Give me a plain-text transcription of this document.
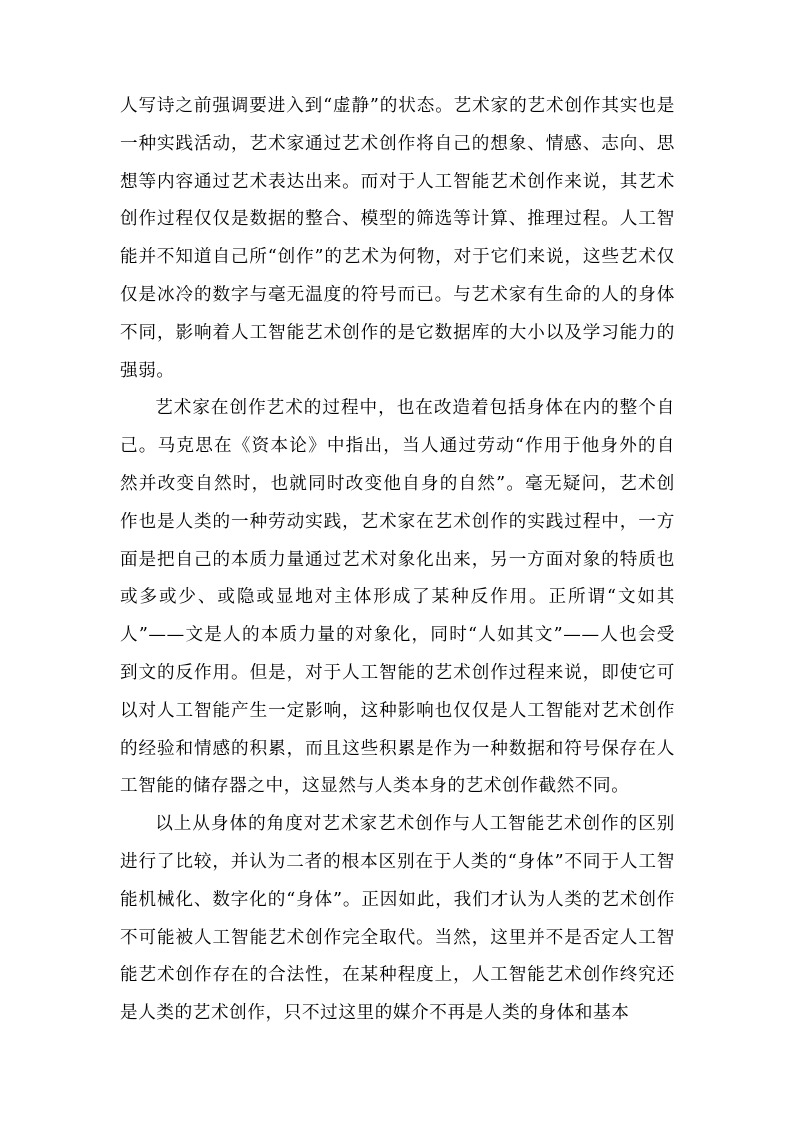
人写诗之前强调要进入到“虚静”的状态。艺术家的艺术创作其实也是一种实践活动，艺术家通过艺术创作将自己的想象、情感、志向、思想等内容通过艺术表达出来。而对于人工智能艺术创作来说，其艺术创作过程仅仅是数据的整合、模型的筛选等计算、推理过程。人工智能并不知道自己所“创作”的艺术为何物，对于它们来说，这些艺术仅仅是冰冷的数字与毫无温度的符号而已。与艺术家有生命的人的身体不同，影响着人工智能艺术创作的是它数据库的大小以及学习能力的强弱。

艺术家在创作艺术的过程中，也在改造着包括身体在内的整个自己。马克思在《资本论》中指出，当人通过劳动“作用于他身外的自然并改变自然时，也就同时改变他自身的自然”。毫无疑问，艺术创作也是人类的一种劳动实践，艺术家在艺术创作的实践过程中，一方面是把自己的本质力量通过艺术对象化出来，另一方面对象的特质也或多或少、或隐或显地对主体形成了某种反作用。正所谓“文如其人”——文是人的本质力量的对象化，同时“人如其文”——人也会受到文的反作用。但是，对于人工智能的艺术创作过程来说，即使它可以对人工智能产生一定影响，这种影响也仅仅是人工智能对艺术创作的经验和情感的积累，而且这些积累是作为一种数据和符号保存在人工智能的储存器之中，这显然与人类本身的艺术创作截然不同。

以上从身体的角度对艺术家艺术创作与人工智能艺术创作的区别进行了比较，并认为二者的根本区别在于人类的“身体”不同于人工智能机械化、数字化的“身体”。正因如此，我们才认为人类的艺术创作不可能被人工智能艺术创作完全取代。当然，这里并不是否定人工智能艺术创作存在的合法性，在某种程度上，人工智能艺术创作终究还是人类的艺术创作，只不过这里的媒介不再是人类的身体和基本
